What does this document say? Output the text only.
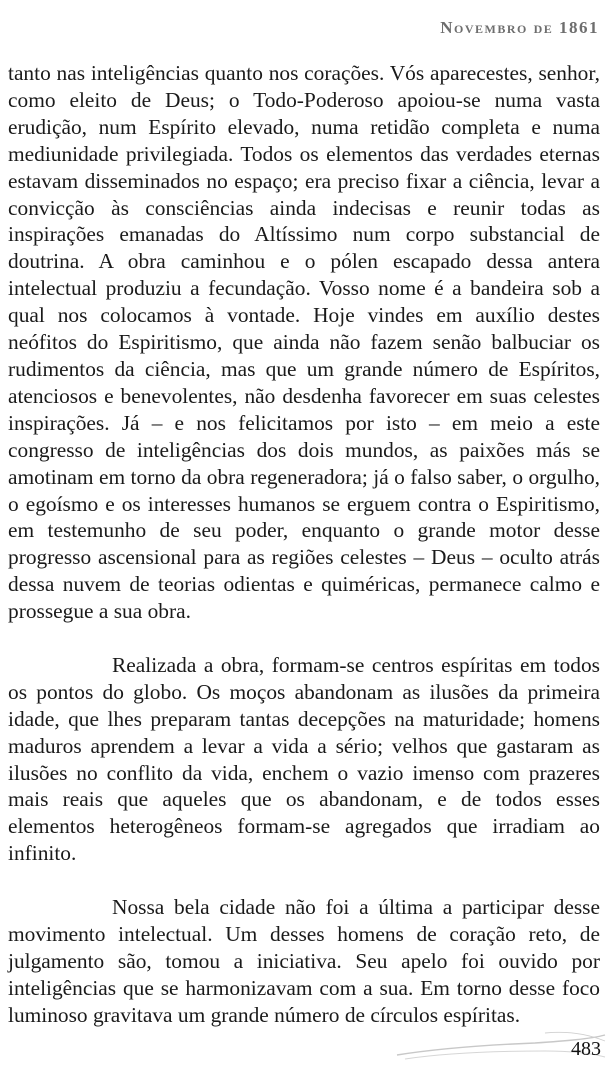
Novembro de 1861

tanto nas inteligências quanto nos corações. Vós aparecestes, senhor, como eleito de Deus; o Todo-Poderoso apoiou-se numa vasta erudição, num Espírito elevado, numa retidão completa e numa mediunidade privilegiada. Todos os elementos das verdades eternas estavam disseminados no espaço; era preciso fixar a ciência, levar a convicção às consciências ainda indecisas e reunir todas as inspirações emanadas do Altíssimo num corpo substancial de doutrina. A obra caminhou e o pólen escapado dessa antera intelectual produziu a fecundação. Vosso nome é a bandeira sob a qual nos colocamos à vontade. Hoje vindes em auxílio destes neófitos do Espiritismo, que ainda não fazem senão balbuciar os rudimentos da ciência, mas que um grande número de Espíritos, atenciosos e benevolentes, não desdenha favorecer em suas celestes inspirações. Já – e nos felicitamos por isto – em meio a este congresso de inteligências dos dois mundos, as paixões más se amotinam em torno da obra regeneradora; já o falso saber, o orgulho, o egoísmo e os interesses humanos se erguem contra o Espiritismo, em testemunho de seu poder, enquanto o grande motor desse progresso ascensional para as regiões celestes – Deus – oculto atrás dessa nuvem de teorias odientas e quiméricas, permanece calmo e prossegue a sua obra.

Realizada a obra, formam-se centros espíritas em todos os pontos do globo. Os moços abandonam as ilusões da primeira idade, que lhes preparam tantas decepções na maturidade; homens maduros aprendem a levar a vida a sério; velhos que gastaram as ilusões no conflito da vida, enchem o vazio imenso com prazeres mais reais que aqueles que os abandonam, e de todos esses elementos heterogêneos formam-se agregados que irradiam ao infinito.

Nossa bela cidade não foi a última a participar desse movimento intelectual. Um desses homens de coração reto, de julgamento são, tomou a iniciativa. Seu apelo foi ouvido por inteligências que se harmonizavam com a sua. Em torno desse foco luminoso gravitava um grande número de círculos espíritas.

483
